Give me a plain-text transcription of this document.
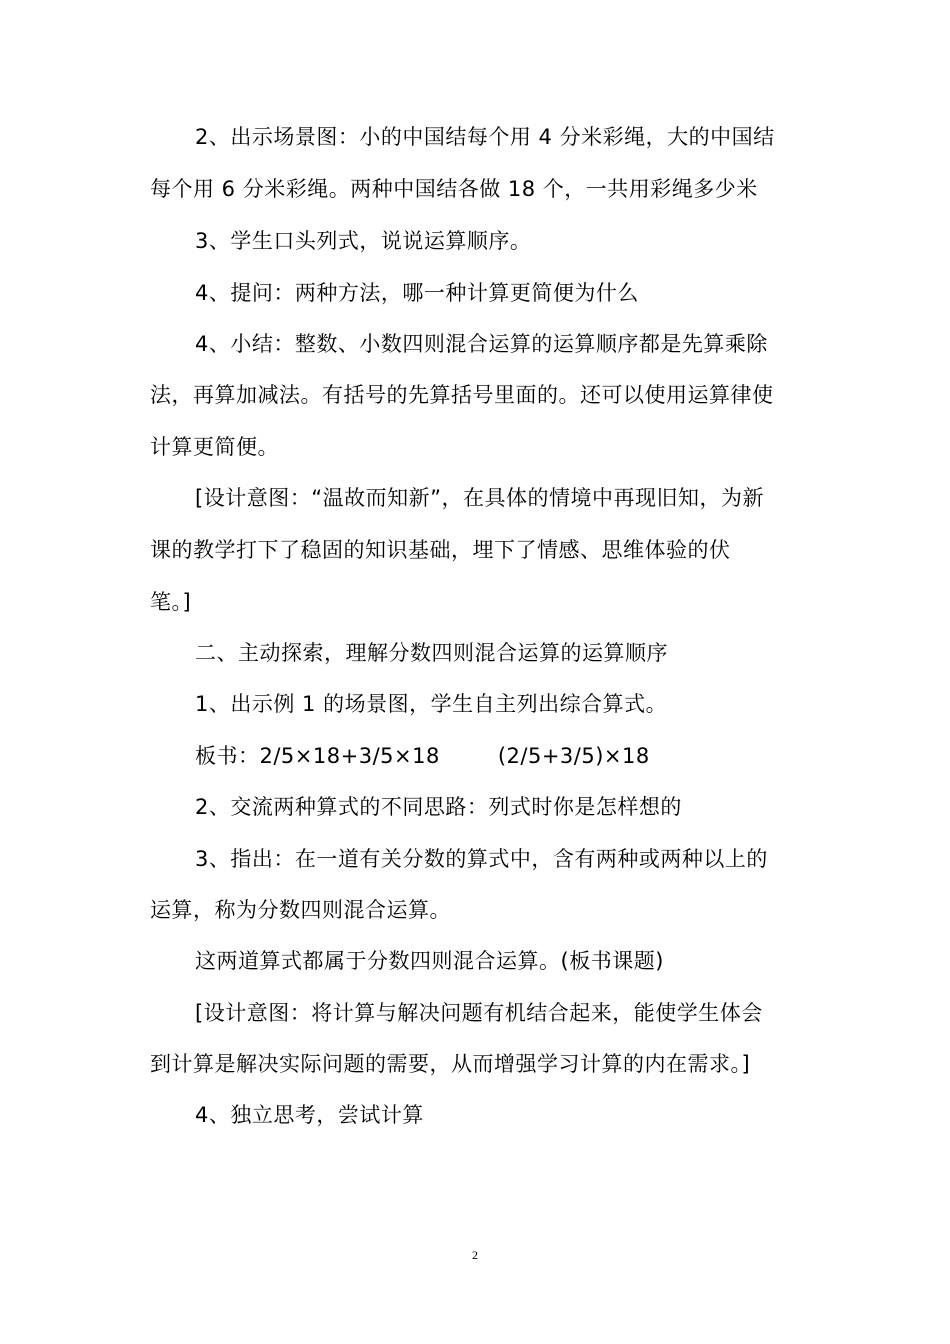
2、出示场景图：小的中国结每个用 4 分米彩绳，大的中国结
每个用 6 分米彩绳。两种中国结各做 18 个，一共用彩绳多少米
3、学生口头列式，说说运算顺序。
4、提问：两种方法，哪一种计算更简便为什么
4、小结：整数、小数四则混合运算的运算顺序都是先算乘除
法，再算加减法。有括号的先算括号里面的。还可以使用运算律使
计算更简便。
[设计意图：“温故而知新”，在具体的情境中再现旧知，为新
课的教学打下了稳固的知识基础，埋下了情感、思维体验的伏
笔。]
二、主动探索，理解分数四则混合运算的运算顺序
1、出示例 1 的场景图，学生自主列出综合算式。
板书：2/5×18+3/5×18	(2/5+3/5)×18
2、交流两种算式的不同思路：列式时你是怎样想的
3、指出：在一道有关分数的算式中，含有两种或两种以上的
运算，称为分数四则混合运算。
这两道算式都属于分数四则混合运算。(板书课题)
[设计意图：将计算与解决问题有机结合起来，能使学生体会
到计算是解决实际问题的需要，从而增强学习计算的内在需求。]
4、独立思考，尝试计算
2
